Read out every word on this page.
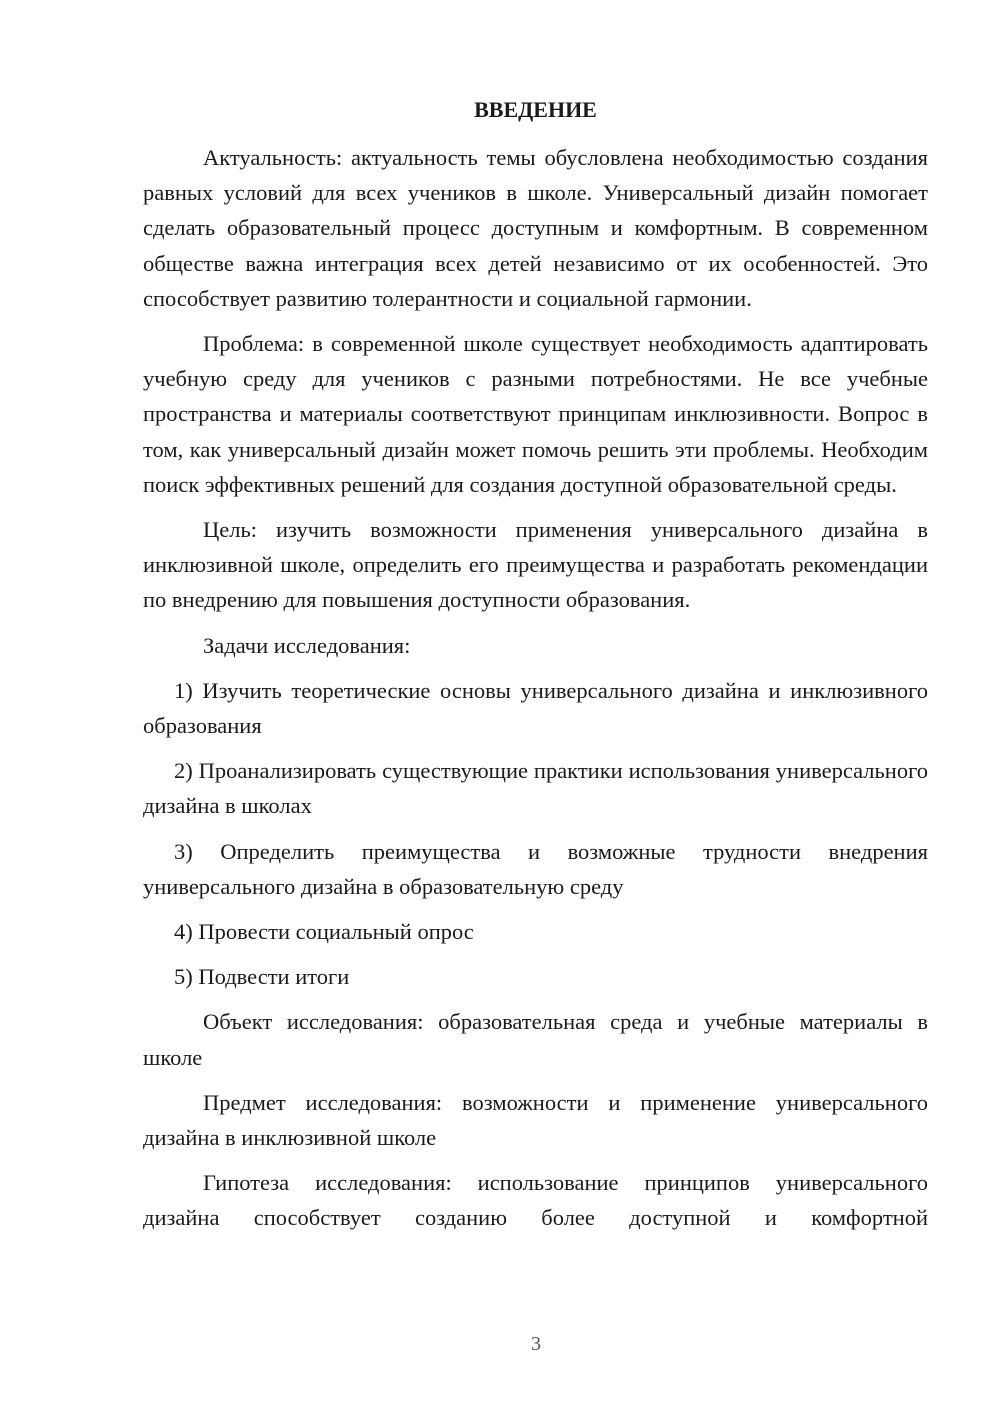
ВВЕДЕНИЕ

Актуальность: актуальность темы обусловлена необходимостью создания равных условий для всех учеников в школе. Универсальный дизайн помогает сделать образовательный процесс доступным и комфортным. В современном обществе важна интеграция всех детей независимо от их особенностей. Это способствует развитию толерантности и социальной гармонии.

Проблема: в современной школе существует необходимость адаптировать учебную среду для учеников с разными потребностями. Не все учебные пространства и материалы соответствуют принципам инклюзивности. Вопрос в том, как универсальный дизайн может помочь решить эти проблемы. Необходим поиск эффективных решений для создания доступной образовательной среды.

Цель: изучить возможности применения универсального дизайна в инклюзивной школе, определить его преимущества и разработать рекомендации по внедрению для повышения доступности образования.

Задачи исследования:

1) Изучить теоретические основы универсального дизайна и инклюзивного образования

2) Проанализировать существующие практики использования универсального дизайна в школах

3) Определить преимущества и возможные трудности внедрения универсального дизайна в образовательную среду

4) Провести социальный опрос

5) Подвести итоги

Объект исследования: образовательная среда и учебные материалы в школе

Предмет исследования: возможности и применение универсального дизайна в инклюзивной школе

Гипотеза исследования: использование принципов универсального дизайна способствует созданию более доступной и комфортной

3
